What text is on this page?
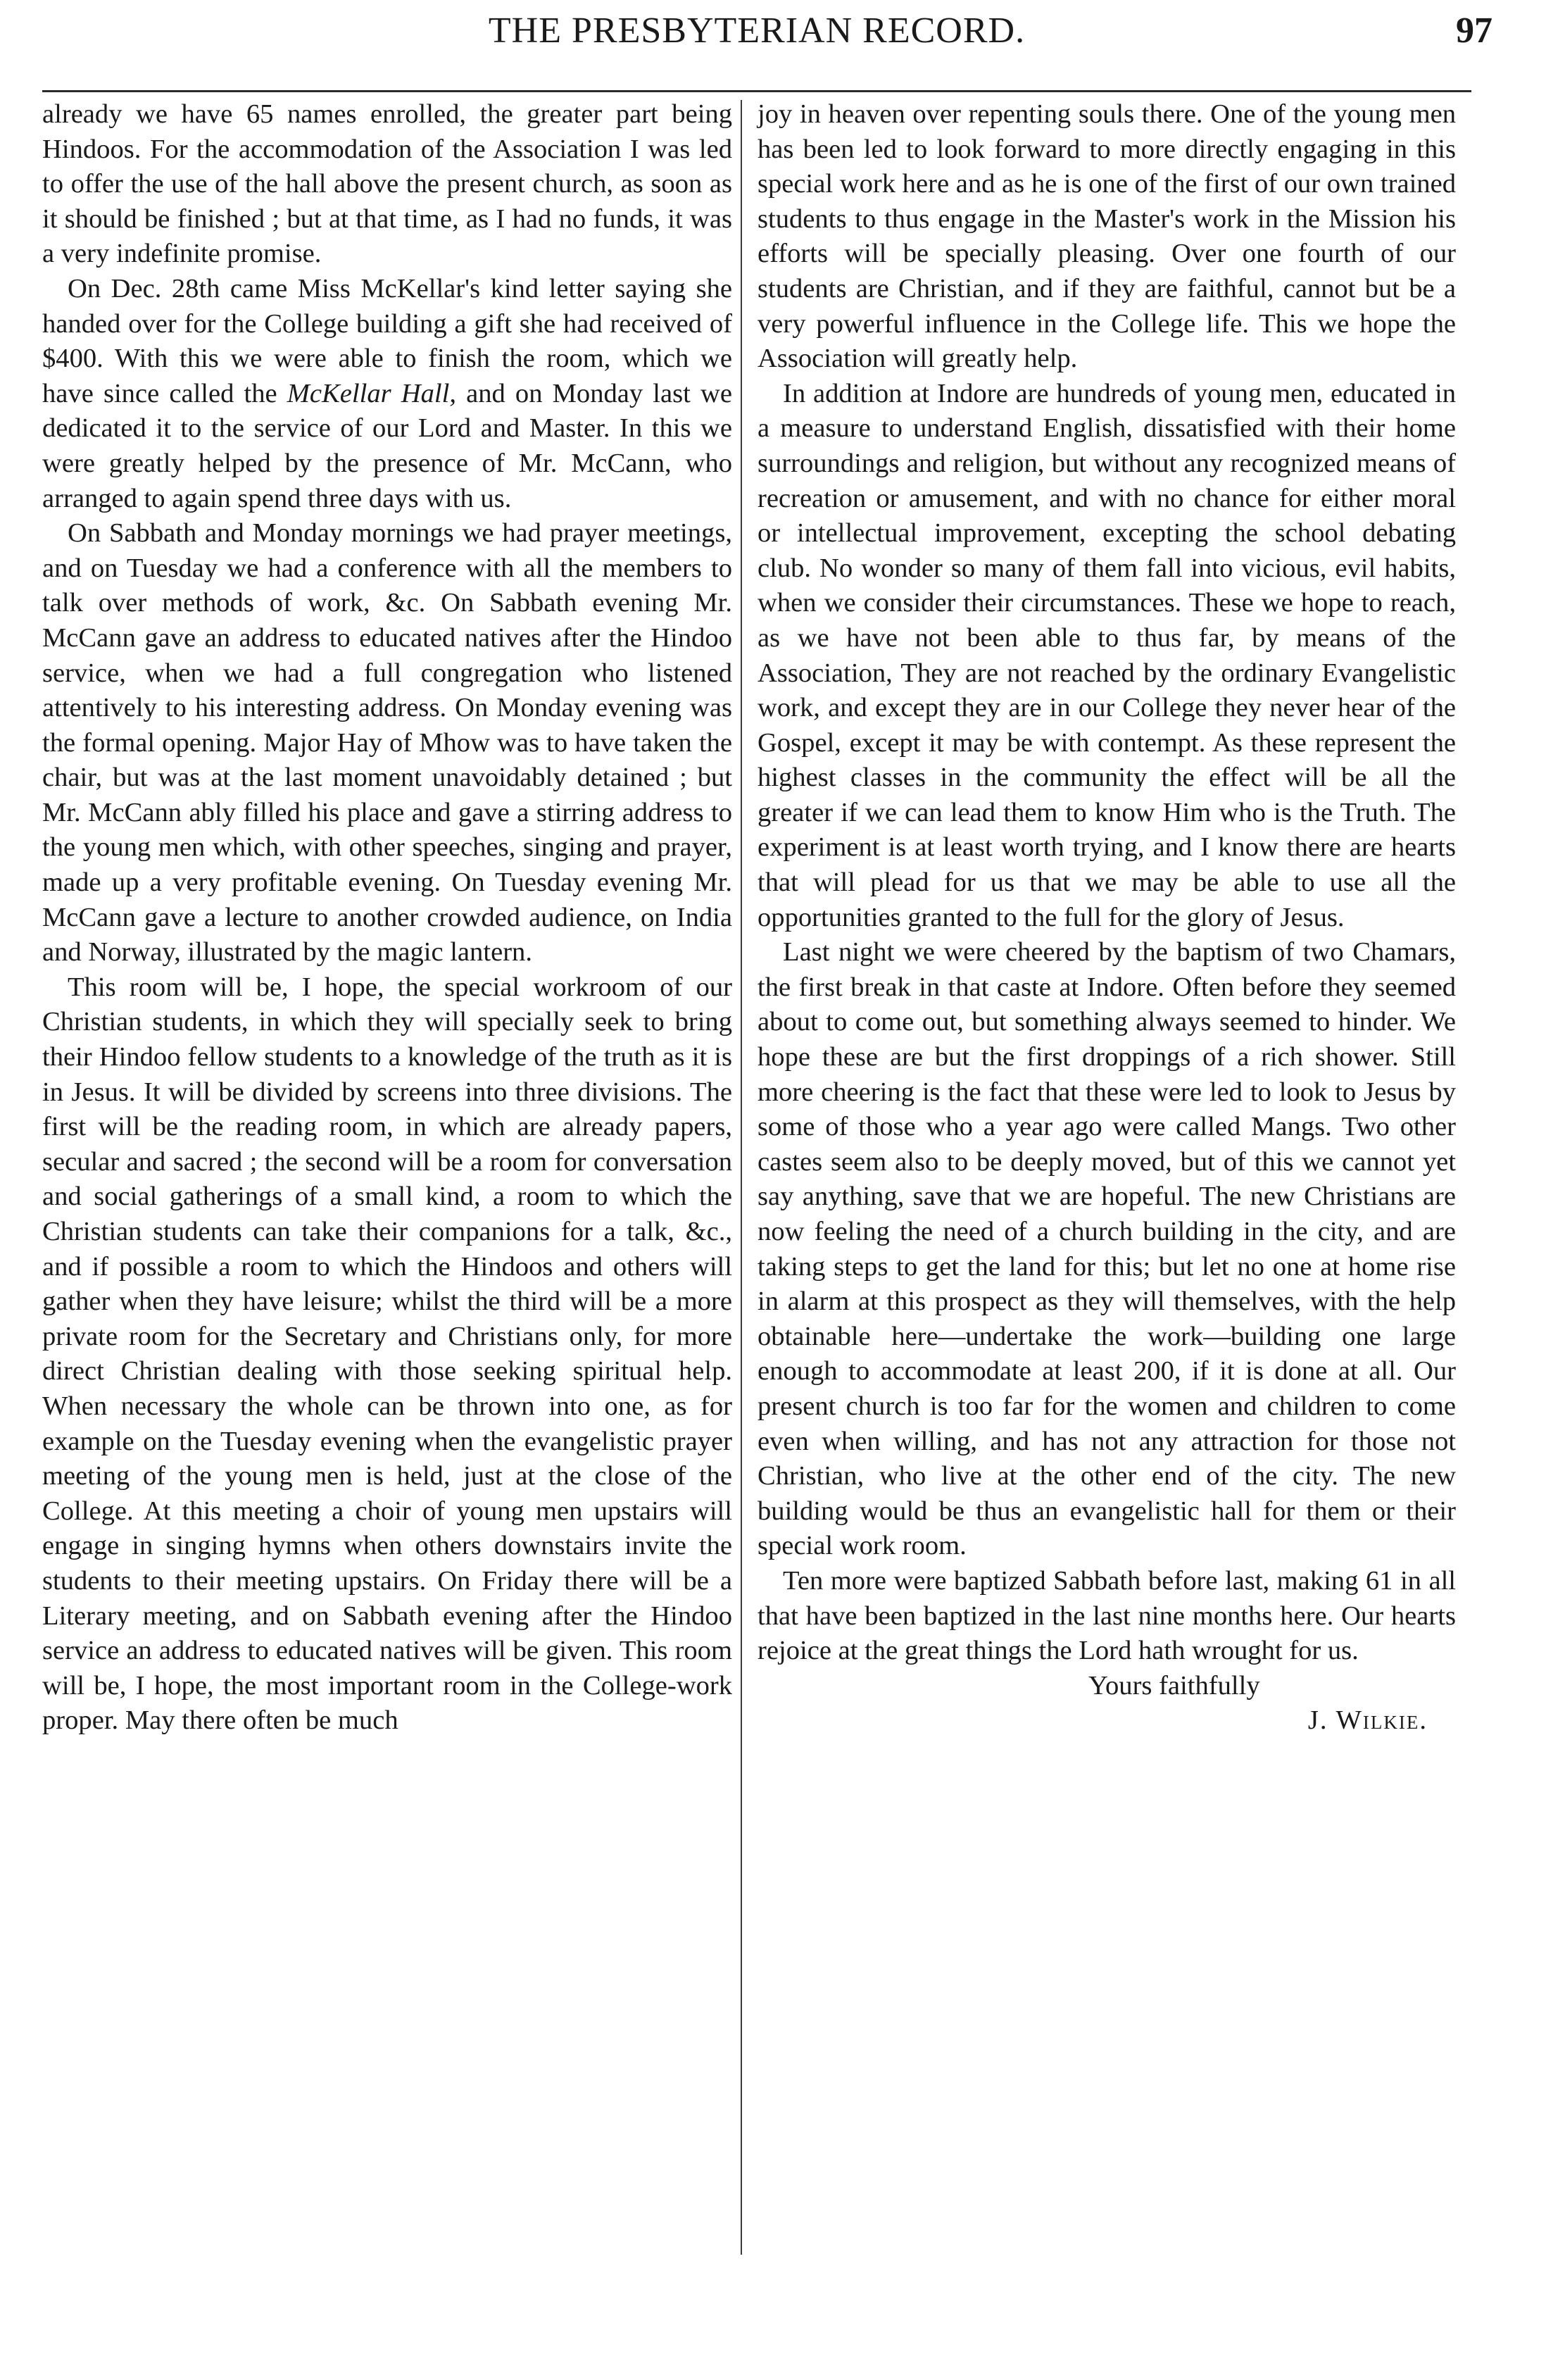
THE PRESBYTERIAN RECORD.	97

already we have 65 names enrolled, the greater part being Hindoos. For the accommodation of the Association I was led to offer the use of the hall above the present church, as soon as it should be finished ; but at that time, as I had no funds, it was a very indefinite promise.

On Dec. 28th came Miss McKellar's kind letter saying she handed over for the College building a gift she had received of $400. With this we were able to finish the room, which we have since called the McKellar Hall, and on Monday last we dedicated it to the service of our Lord and Master. In this we were greatly helped by the presence of Mr. McCann, who arranged to again spend three days with us.

On Sabbath and Monday mornings we had prayer meetings, and on Tuesday we had a conference with all the members to talk over methods of work, &c. On Sabbath evening Mr. McCann gave an address to educated natives after the Hindoo service, when we had a full congregation who listened attentively to his interesting address. On Monday evening was the formal opening. Major Hay of Mhow was to have taken the chair, but was at the last moment unavoidably detained ; but Mr. McCann ably filled his place and gave a stirring address to the young men which, with other speeches, singing and prayer, made up a very profitable evening. On Tuesday evening Mr. McCann gave a lecture to another crowded audience, on India and Norway, illustrated by the magic lantern.

This room will be, I hope, the special workroom of our Christian students, in which they will specially seek to bring their Hindoo fellow students to a knowledge of the truth as it is in Jesus. It will be divided by screens into three divisions. The first will be the reading room, in which are already papers, secular and sacred ; the second will be a room for conversation and social gatherings of a small kind, a room to which the Christian students can take their companions for a talk, &c., and if possible a room to which the Hindoos and others will gather when they have leisure; whilst the third will be a more private room for the Secretary and Christians only, for more direct Christian dealing with those seeking spiritual help. When necessary the whole can be thrown into one, as for example on the Tuesday evening when the evangelistic prayer meeting of the young men is held, just at the close of the College. At this meeting a choir of young men upstairs will engage in singing hymns when others downstairs invite the students to their meeting upstairs. On Friday there will be a Literary meeting, and on Sabbath evening after the Hindoo service an address to educated natives will be given. This room will be, I hope, the most important room in the College-work proper. May there often be much

joy in heaven over repenting souls there. One of the young men has been led to look forward to more directly engaging in this special work here and as he is one of the first of our own trained students to thus engage in the Master's work in the Mission his efforts will be specially pleasing. Over one fourth of our students are Christian, and if they are faithful, cannot but be a very powerful influence in the College life. This we hope the Association will greatly help.

In addition at Indore are hundreds of young men, educated in a measure to understand English, dissatisfied with their home surroundings and religion, but without any recognized means of recreation or amusement, and with no chance for either moral or intellectual improvement, excepting the school debating club. No wonder so many of them fall into vicious, evil habits, when we consider their circumstances. These we hope to reach, as we have not been able to thus far, by means of the Association, They are not reached by the ordinary Evangelistic work, and except they are in our College they never hear of the Gospel, except it may be with contempt. As these represent the highest classes in the community the effect will be all the greater if we can lead them to know Him who is the Truth. The experiment is at least worth trying, and I know there are hearts that will plead for us that we may be able to use all the opportunities granted to the full for the glory of Jesus.

Last night we were cheered by the baptism of two Chamars, the first break in that caste at Indore. Often before they seemed about to come out, but something always seemed to hinder. We hope these are but the first droppings of a rich shower. Still more cheering is the fact that these were led to look to Jesus by some of those who a year ago were called Mangs. Two other castes seem also to be deeply moved, but of this we cannot yet say anything, save that we are hopeful. The new Christians are now feeling the need of a church building in the city, and are taking steps to get the land for this; but let no one at home rise in alarm at this prospect as they will themselves, with the help obtainable here—undertake the work—building one large enough to accommodate at least 200, if it is done at all. Our present church is too far for the women and children to come even when willing, and has not any attraction for those not Christian, who live at the other end of the city. The new building would be thus an evangelistic hall for them or their special work room.

Ten more were baptized Sabbath before last, making 61 in all that have been baptized in the last nine months here. Our hearts rejoice at the great things the Lord hath wrought for us.

Yours faithfully
J. Wilkie.
